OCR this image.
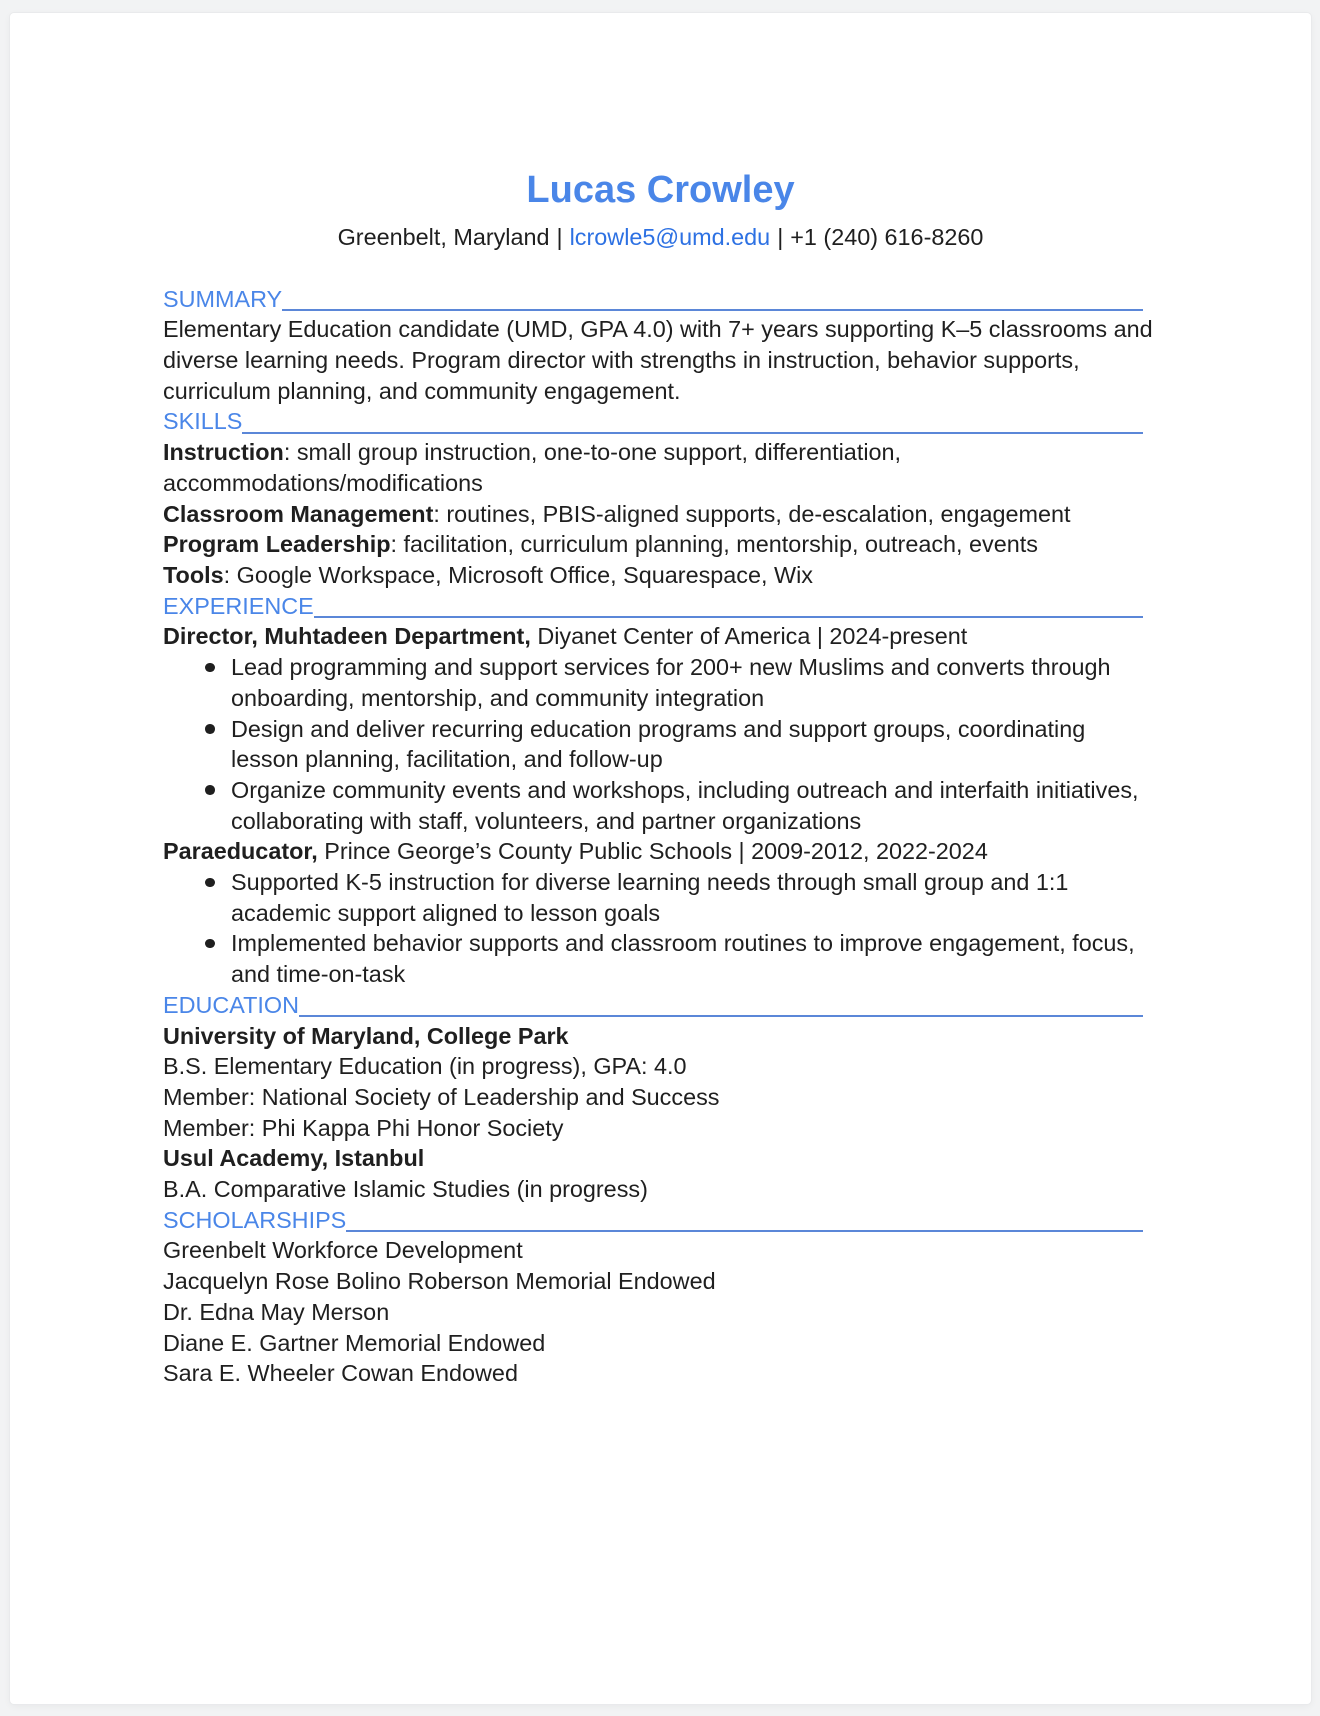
Lucas Crowley
Greenbelt, Maryland | lcrowle5@umd.edu | +1 (240) 616-8260
SUMMARY
Elementary Education candidate (UMD, GPA 4.0) with 7+ years supporting K–5 classrooms and
diverse learning needs. Program director with strengths in instruction, behavior supports,
curriculum planning, and community engagement.
SKILLS
Instruction: small group instruction, one-to-one support, differentiation,
accommodations/modifications
Classroom Management: routines, PBIS-aligned supports, de-escalation, engagement
Program Leadership: facilitation, curriculum planning, mentorship, outreach, events
Tools: Google Workspace, Microsoft Office, Squarespace, Wix
EXPERIENCE
Director, Muhtadeen Department, Diyanet Center of America | 2024-present
Lead programming and support services for 200+ new Muslims and converts through
onboarding, mentorship, and community integration
Design and deliver recurring education programs and support groups, coordinating
lesson planning, facilitation, and follow-up
Organize community events and workshops, including outreach and interfaith initiatives,
collaborating with staff, volunteers, and partner organizations
Paraeducator, Prince George’s County Public Schools | 2009-2012, 2022-2024
Supported K-5 instruction for diverse learning needs through small group and 1:1
academic support aligned to lesson goals
Implemented behavior supports and classroom routines to improve engagement, focus,
and time-on-task
EDUCATION
University of Maryland, College Park
B.S. Elementary Education (in progress), GPA: 4.0
Member: National Society of Leadership and Success
Member: Phi Kappa Phi Honor Society
Usul Academy, Istanbul
B.A. Comparative Islamic Studies (in progress)
SCHOLARSHIPS
Greenbelt Workforce Development
Jacquelyn Rose Bolino Roberson Memorial Endowed
Dr. Edna May Merson
Diane E. Gartner Memorial Endowed
Sara E. Wheeler Cowan Endowed
